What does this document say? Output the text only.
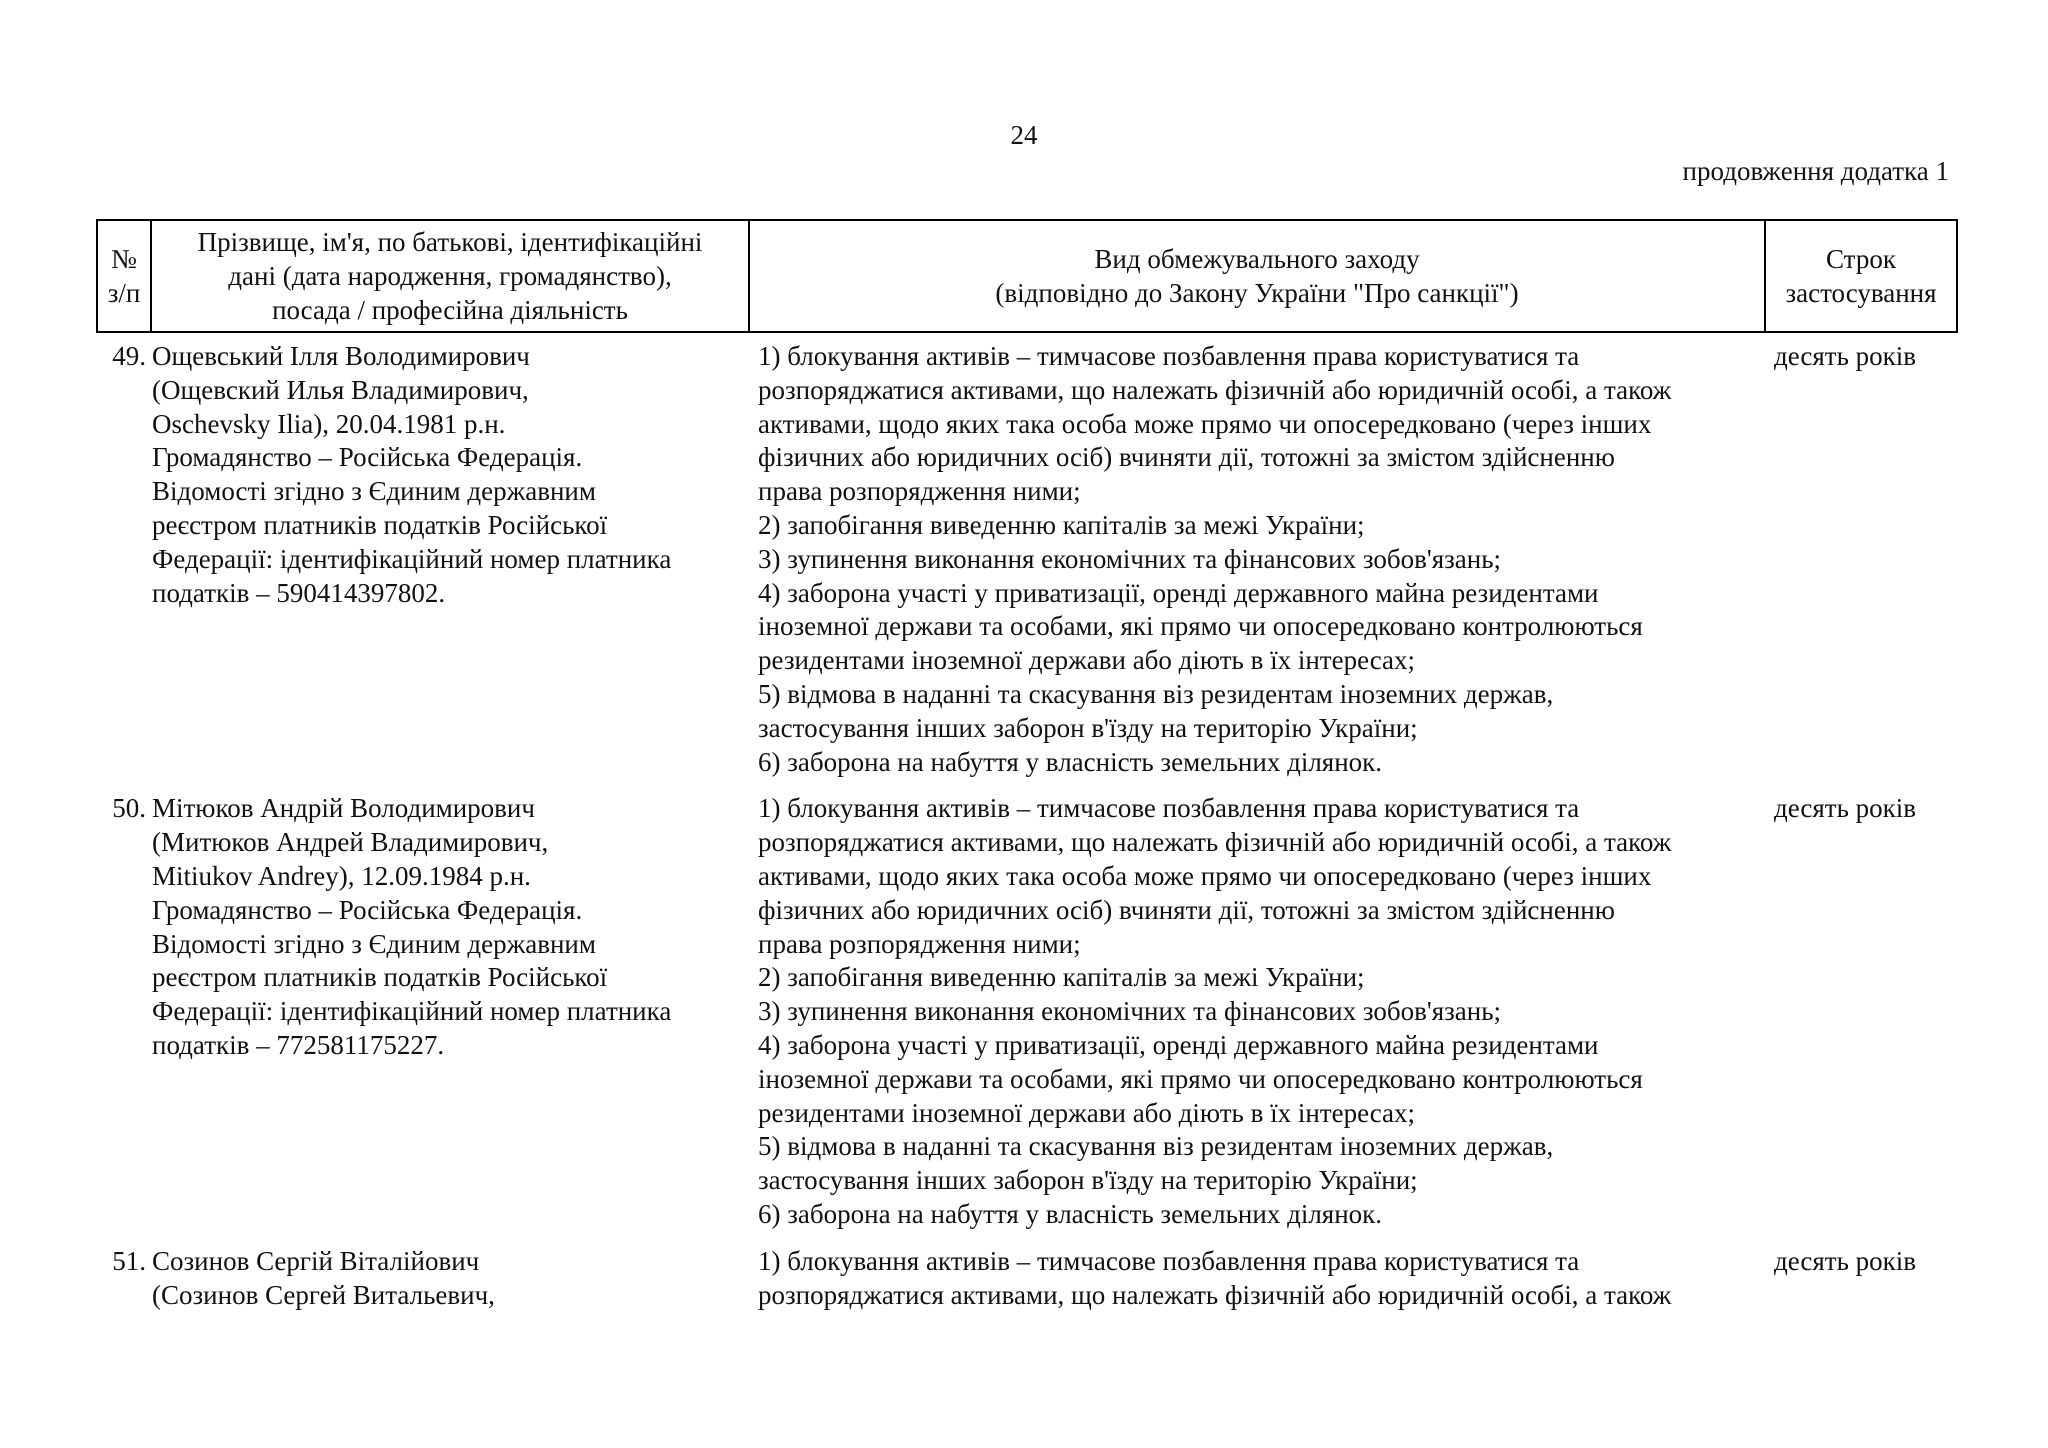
24
продовження додатка 1
№
з/п
Прізвище, ім'я, по батькові, ідентифікаційні
дані (дата народження, громадянство),
посада / професійна діяльність
Вид обмежувального заходу
(відповідно до Закону України "Про санкції")
Строк
застосування
49. Ощевський Ілля Володимирович
(Ощевский Илья Владимирович,
Oschevsky Ilia), 20.04.1981 р.н.
Громадянство – Російська Федерація.
Відомості згідно з Єдиним державним
реєстром платників податків Російської
Федерації: ідентифікаційний номер платника
податків – 590414397802.
1) блокування активів – тимчасове позбавлення права користуватися та
розпоряджатися активами, що належать фізичній або юридичній особі, а також
активами, щодо яких така особа може прямо чи опосередковано (через інших
фізичних або юридичних осіб) вчиняти дії, тотожні за змістом здійсненню
права розпорядження ними;
2) запобігання виведенню капіталів за межі України;
3) зупинення виконання економічних та фінансових зобов'язань;
4) заборона участі у приватизації, оренді державного майна резидентами
іноземної держави та особами, які прямо чи опосередковано контролюються
резидентами іноземної держави або діють в їх інтересах;
5) відмова в наданні та скасування віз резидентам іноземних держав,
застосування інших заборон в'їзду на територію України;
6) заборона на набуття у власність земельних ділянок.
десять років
50. Мітюков Андрій Володимирович
(Митюков Андрей Владимирович,
Mitiukov Andrey), 12.09.1984 р.н.
Громадянство – Російська Федерація.
Відомості згідно з Єдиним державним
реєстром платників податків Російської
Федерації: ідентифікаційний номер платника
податків – 772581175227.
1) блокування активів – тимчасове позбавлення права користуватися та
розпоряджатися активами, що належать фізичній або юридичній особі, а також
активами, щодо яких така особа може прямо чи опосередковано (через інших
фізичних або юридичних осіб) вчиняти дії, тотожні за змістом здійсненню
права розпорядження ними;
2) запобігання виведенню капіталів за межі України;
3) зупинення виконання економічних та фінансових зобов'язань;
4) заборона участі у приватизації, оренді державного майна резидентами
іноземної держави та особами, які прямо чи опосередковано контролюються
резидентами іноземної держави або діють в їх інтересах;
5) відмова в наданні та скасування віз резидентам іноземних держав,
застосування інших заборон в'їзду на територію України;
6) заборона на набуття у власність земельних ділянок.
десять років
51. Созинов Сергій Віталійович
(Созинов Сергей Витальевич,
1) блокування активів – тимчасове позбавлення права користуватися та
розпоряджатися активами, що належать фізичній або юридичній особі, а також
десять років
